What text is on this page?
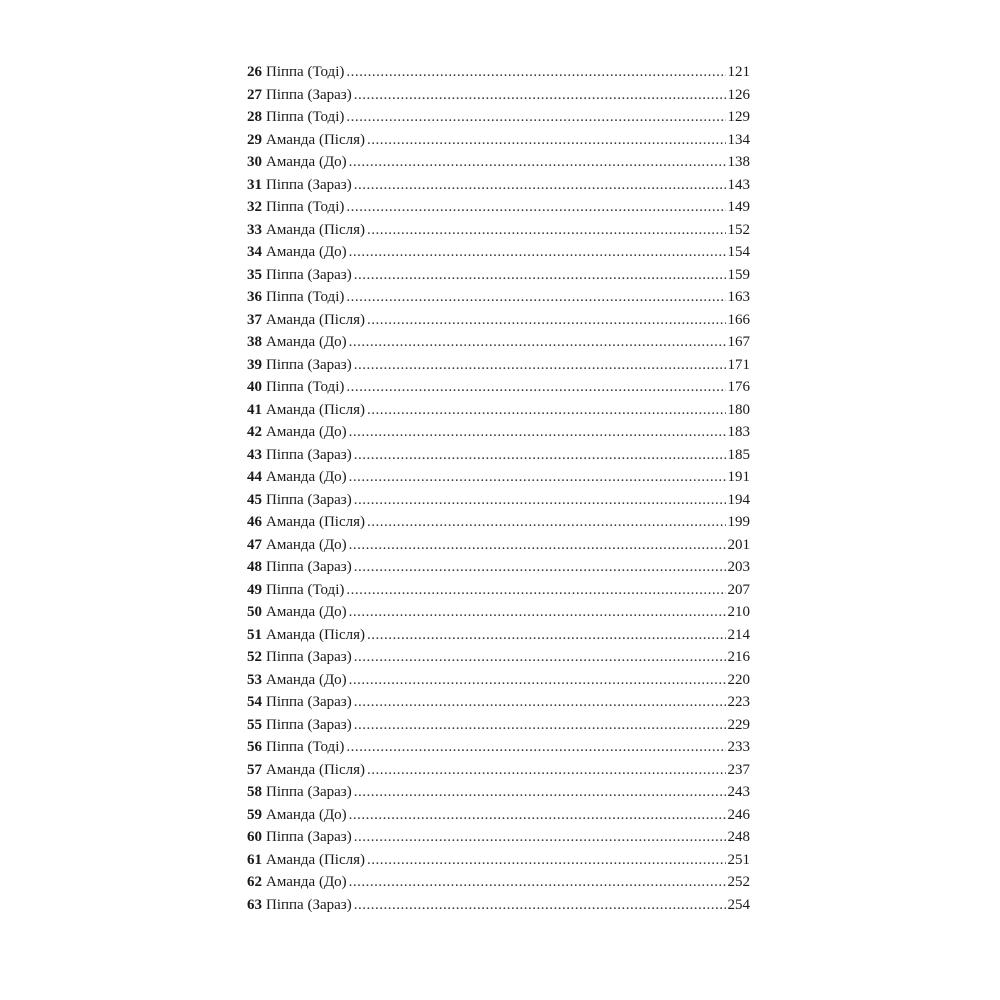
26 Піппа (Тоді) .....	121
27 Піппа (Зараз) .....	126
28 Піппа (Тоді) .....	129
29 Аманда (Після) .....	134
30 Аманда (До) .....	138
31 Піппа (Зараз) .....	143
32 Піппа (Тоді) .....	149
33 Аманда (Після) .....	152
34 Аманда (До) .....	154
35 Піппа (Зараз) .....	159
36 Піппа (Тоді) .....	163
37 Аманда (Після) .....	166
38 Аманда (До) .....	167
39 Піппа (Зараз) .....	171
40 Піппа (Тоді) .....	176
41 Аманда (Після) .....	180
42 Аманда (До) .....	183
43 Піппа (Зараз) .....	185
44 Аманда (До) .....	191
45 Піппа (Зараз) .....	194
46 Аманда (Після) .....	199
47 Аманда (До) .....	201
48 Піппа (Зараз) .....	203
49 Піппа (Тоді) .....	207
50 Аманда (До) .....	210
51 Аманда (Після) .....	214
52 Піппа (Зараз) .....	216
53 Аманда (До) .....	220
54 Піппа (Зараз) .....	223
55 Піппа (Зараз) .....	229
56 Піппа (Тоді) .....	233
57 Аманда (Після) .....	237
58 Піппа (Зараз) .....	243
59 Аманда (До) .....	246
60 Піппа (Зараз) .....	248
61 Аманда (Після) .....	251
62 Аманда (До) .....	252
63 Піппа (Зараз) .....	254
